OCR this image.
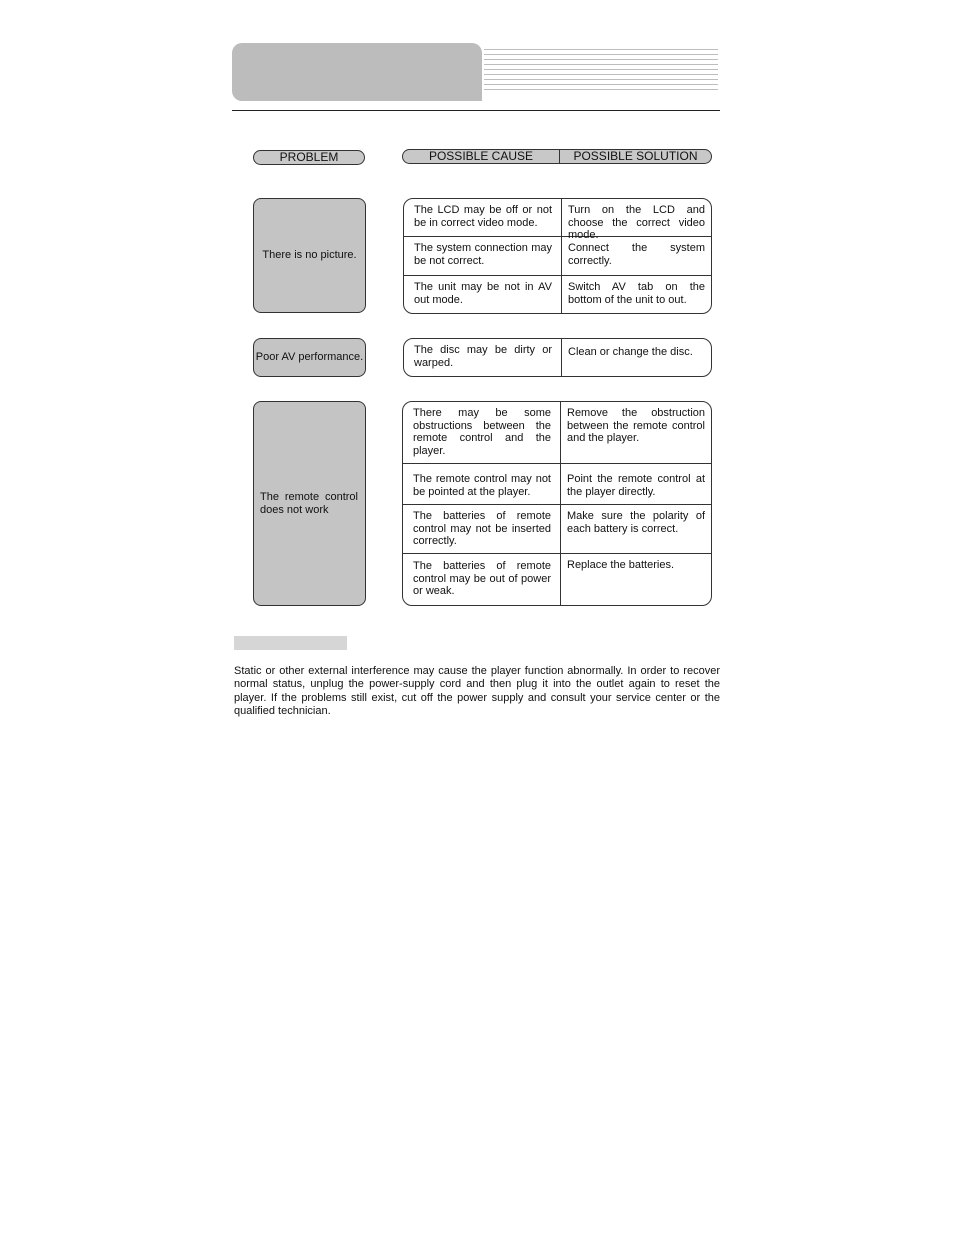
PROBLEM	POSSIBLE CAUSE	POSSIBLE SOLUTION
There is no picture.
The LCD may be off or not be in correct video mode.
Turn on the LCD and choose the correct video mode.
The system connection may be not correct.
Connect the system correctly.
The unit may be not in AV out mode.
Switch AV tab on the bottom of the unit to out.
Poor AV performance.
The disc may be dirty or warped.
Clean or change the disc.
The remote control does not work
There may be some obstructions between the remote control and the player.
Remove the obstruction between the remote control and the player.
The remote control may not be pointed at the player.
Point the remote control at the player directly.
The batteries of remote control may not be inserted correctly.
Make sure the polarity of each battery is correct.
The batteries of remote control may be out of power or weak.
Replace the batteries.
Static or other external interference may cause the player function abnormally. In order to recover normal status, unplug the power-supply cord and then plug it into the outlet again to reset the player. If the problems still exist, cut off the power supply and consult your service center or the qualified technician.
